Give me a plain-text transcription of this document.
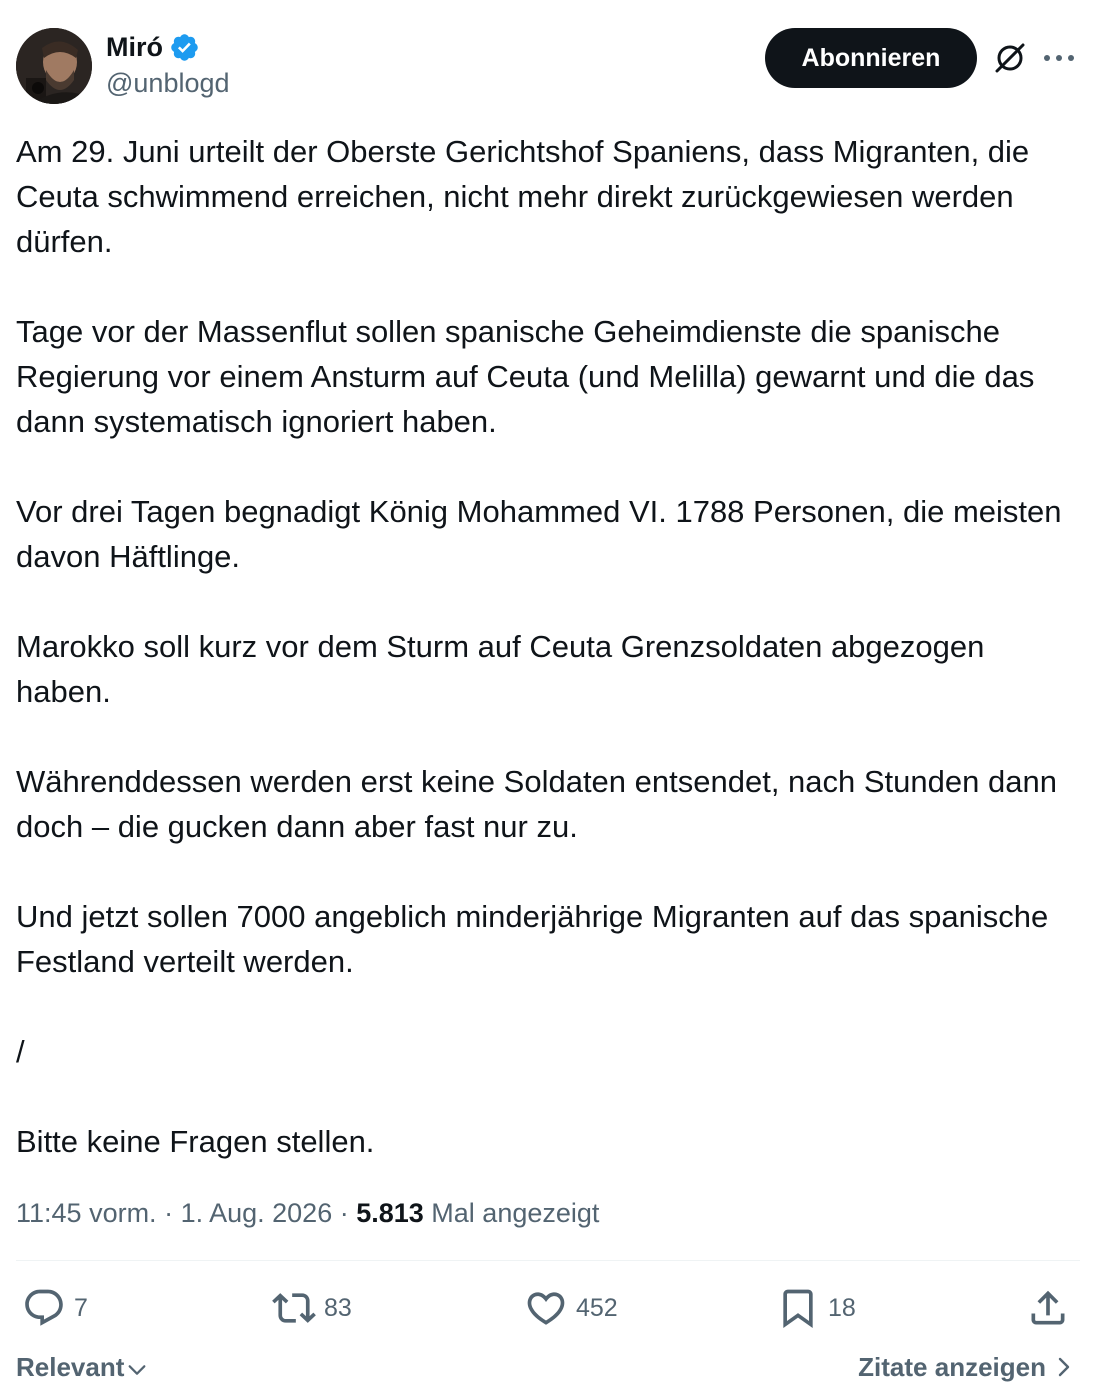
Miró
@unblogd
Abonnieren

Am 29. Juni urteilt der Oberste Gerichtshof Spaniens, dass Migranten, die Ceuta schwimmend erreichen, nicht mehr direkt zurückgewiesen werden dürfen.

Tage vor der Massenflut sollen spanische Geheimdienste die spanische Regierung vor einem Ansturm auf Ceuta (und Melilla) gewarnt und die das dann systematisch ignoriert haben.

Vor drei Tagen begnadigt König Mohammed VI. 1788 Personen, die meisten davon Häftlinge.

Marokko soll kurz vor dem Sturm auf Ceuta Grenzsoldaten abgezogen haben.

Währenddessen werden erst keine Soldaten entsendet, nach Stunden dann doch – die gucken dann aber fast nur zu.

Und jetzt sollen 7000 angeblich minderjährige Migranten auf das spanische Festland verteilt werden.

/

Bitte keine Fragen stellen.

11:45 vorm. · 1. Aug. 2026 · 5.813 Mal angezeigt
7	83	452	18
Relevant	Zitate anzeigen
